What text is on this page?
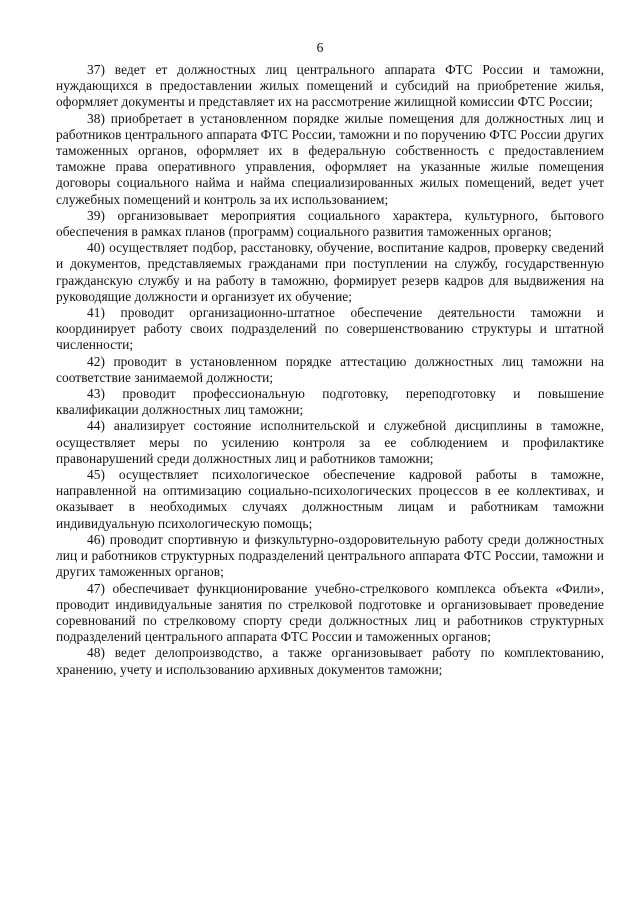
6

37) ведет ет должностных лиц центрального аппарата ФТС России и таможни, нуждающихся в предоставлении жилых помещений и субсидий на приобретение жилья, оформляет документы и представляет их на рассмотрение жилищной комиссии ФТС России;

38) приобретает в установленном порядке жилые помещения для должностных лиц и работников центрального аппарата ФТС России, таможни и по поручению ФТС России других таможенных органов, оформляет их в федеральную собственность с предоставлением таможне права оперативного управления, оформляет на указанные жилые помещения договоры социального найма и найма специализированных жилых помещений, ведет учет служебных помещений и контроль за их использованием;

39) организовывает мероприятия социального характера, культурного, бытового обеспечения в рамках планов (программ) социального развития таможенных органов;

40) осуществляет подбор, расстановку, обучение, воспитание кадров, проверку сведений и документов, представляемых гражданами при поступлении на службу, государственную гражданскую службу и на работу в таможню, формирует резерв кадров для выдвижения на руководящие должности и организует их обучение;

41) проводит организационно-штатное обеспечение деятельности таможни и координирует работу своих подразделений по совершенствованию структуры и штатной численности;

42) проводит в установленном порядке аттестацию должностных лиц таможни на соответствие занимаемой должности;

43) проводит профессиональную подготовку, переподготовку и повышение квалификации должностных лиц таможни;

44) анализирует состояние исполнительской и служебной дисциплины в таможне, осуществляет меры по усилению контроля за ее соблюдением и профилактике правонарушений среди должностных лиц и работников таможни;

45) осуществляет психологическое обеспечение кадровой работы в таможне, направленной на оптимизацию социально-психологических процессов в ее коллективах, и оказывает в необходимых случаях должностным лицам и работникам таможни индивидуальную психологическую помощь;

46) проводит спортивную и физкультурно-оздоровительную работу среди должностных лиц и работников структурных подразделений центрального аппарата ФТС России, таможни и других таможенных органов;

47) обеспечивает функционирование учебно-стрелкового комплекса объекта «Фили», проводит индивидуальные занятия по стрелковой подготовке и организовывает проведение соревнований по стрелковому спорту среди должностных лиц и работников структурных подразделений центрального аппарата ФТС России и таможенных органов;

48) ведет делопроизводство, а также организовывает работу по комплектованию, хранению, учету и использованию архивных документов таможни;
